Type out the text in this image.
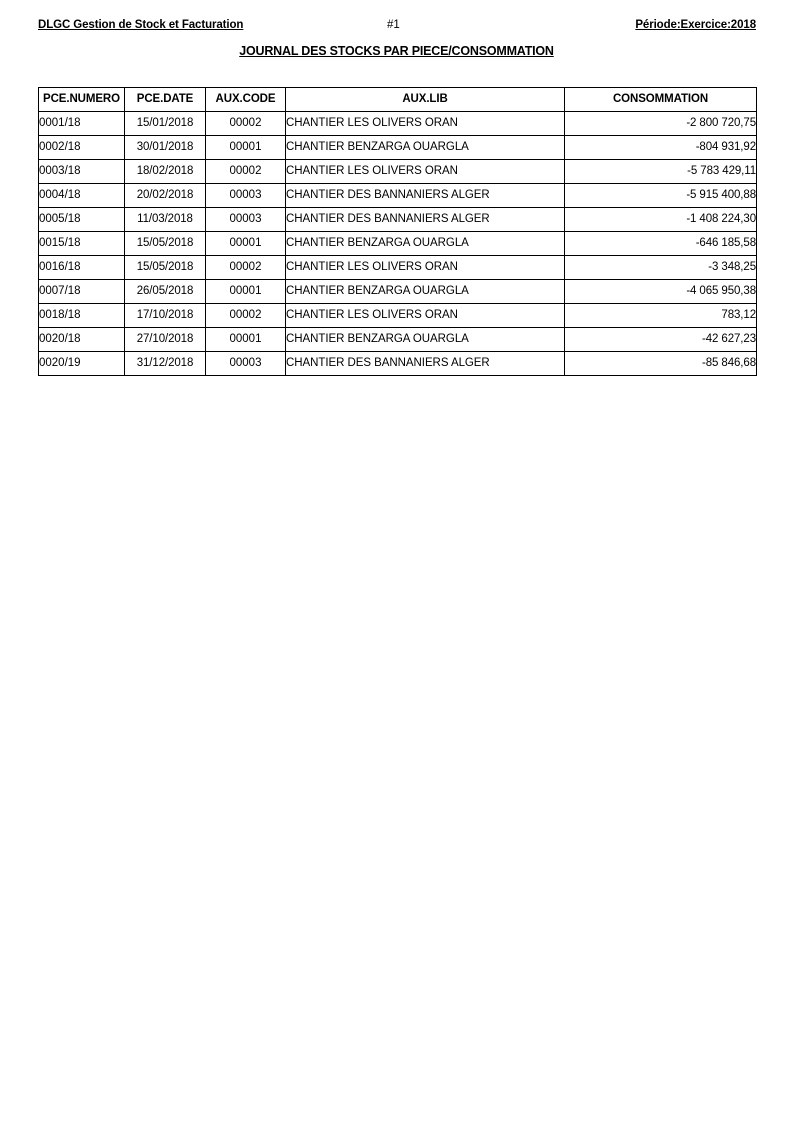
DLGC Gestion de Stock et Facturation	#1	Période:Exercice:2018
JOURNAL DES STOCKS PAR PIECE/CONSOMMATION
PCE.NUMERO	PCE.DATE	AUX.CODE	AUX.LIB	CONSOMMATION
0001/18	15/01/2018	00002	CHANTIER LES OLIVERS ORAN	-2 800 720,75
0002/18	30/01/2018	00001	CHANTIER BENZARGA OUARGLA	-804 931,92
0003/18	18/02/2018	00002	CHANTIER LES OLIVERS ORAN	-5 783 429,11
0004/18	20/02/2018	00003	CHANTIER DES BANNANIERS ALGER	-5 915 400,88
0005/18	11/03/2018	00003	CHANTIER DES BANNANIERS ALGER	-1 408 224,30
0015/18	15/05/2018	00001	CHANTIER BENZARGA OUARGLA	-646 185,58
0016/18	15/05/2018	00002	CHANTIER LES OLIVERS ORAN	-3 348,25
0007/18	26/05/2018	00001	CHANTIER BENZARGA OUARGLA	-4 065 950,38
0018/18	17/10/2018	00002	CHANTIER LES OLIVERS ORAN	783,12
0020/18	27/10/2018	00001	CHANTIER BENZARGA OUARGLA	-42 627,23
0020/19	31/12/2018	00003	CHANTIER DES BANNANIERS ALGER	-85 846,68
